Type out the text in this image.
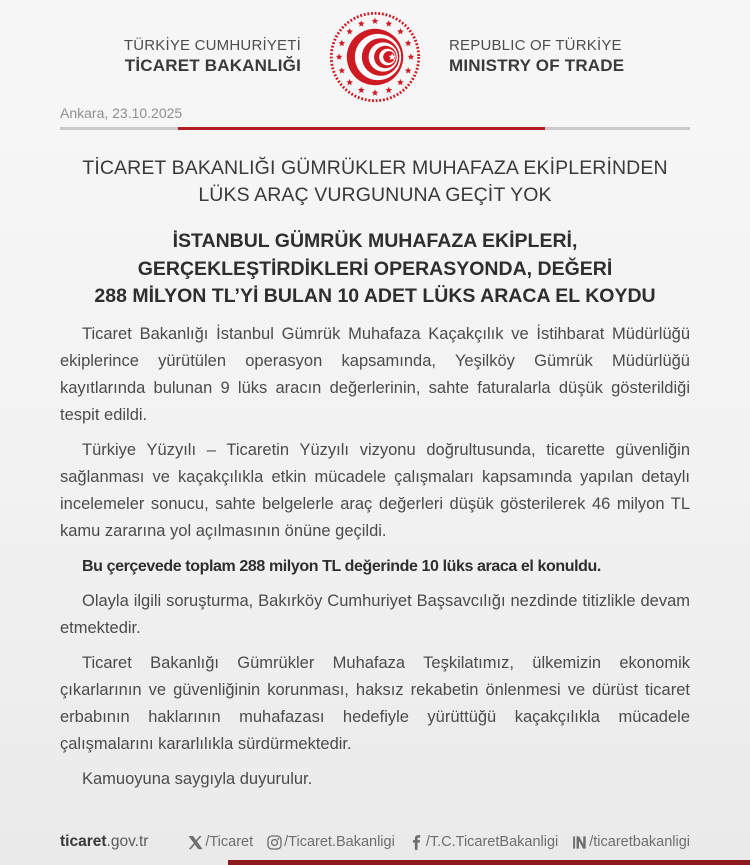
TÜRKİYE CUMHURİYETİ
TİCARET BAKANLIĞI
REPUBLIC OF TÜRKİYE
MINISTRY OF TRADE
Ankara, 23.10.2025
TİCARET BAKANLIĞI GÜMRÜKLER MUHAFAZA EKİPLERİNDEN
LÜKS ARAÇ VURGUNUNA GEÇİT YOK
İSTANBUL GÜMRÜK MUHAFAZA EKİPLERİ,
GERÇEKLEŞTİRDİKLERİ OPERASYONDA, DEĞERİ
288 MİLYON TL’Yİ BULAN 10 ADET LÜKS ARACA EL KOYDU

Ticaret Bakanlığı İstanbul Gümrük Muhafaza Kaçakçılık ve İstihbarat Müdürlüğü ekiplerince yürütülen operasyon kapsamında, Yeşilköy Gümrük Müdürlüğü kayıtlarında bulunan 9 lüks aracın değerlerinin, sahte faturalarla düşük gösterildiği tespit edildi.

Türkiye Yüzyılı – Ticaretin Yüzyılı vizyonu doğrultusunda, ticarette güvenliğin sağlanması ve kaçakçılıkla etkin mücadele çalışmaları kapsamında yapılan detaylı incelemeler sonucu, sahte belgelerle araç değerleri düşük gösterilerek 46 milyon TL kamu zararına yol açılmasının önüne geçildi.

Bu çerçevede toplam 288 milyon TL değerinde 10 lüks araca el konuldu.

Olayla ilgili soruşturma, Bakırköy Cumhuriyet Başsavcılığı nezdinde titizlikle devam etmektedir.

Ticaret Bakanlığı Gümrükler Muhafaza Teşkilatımız, ülkemizin ekonomik çıkarlarının ve güvenliğinin korunması, haksız rekabetin önlenmesi ve dürüst ticaret erbabının haklarının muhafazası hedefiyle yürüttüğü kaçakçılıkla mücadele çalışmalarını kararlılıkla sürdürmektedir.

Kamuoyuna saygıyla duyurulur.

ticaret.gov.tr	/Ticaret /Ticaret.Bakanligi /T.C.TicaretBakanligi /ticaretbakanligi
